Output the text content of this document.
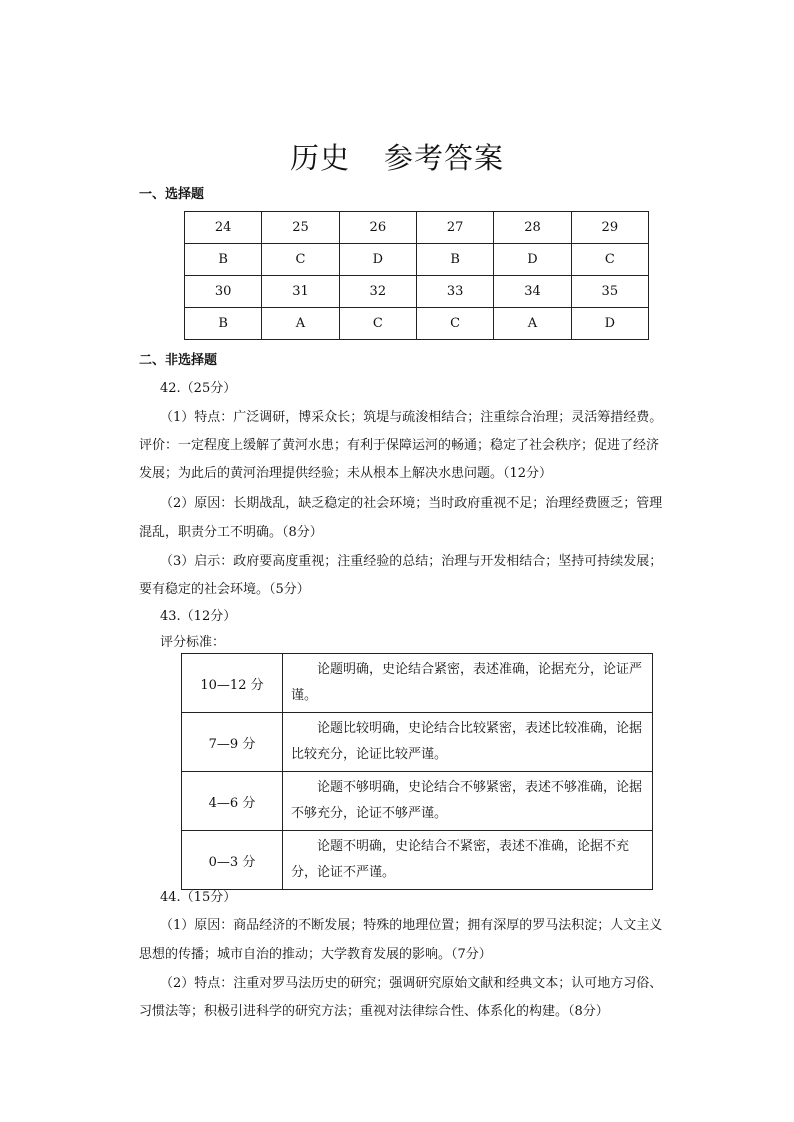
历史 参考答案
一、选择题
24	25	26	27	28	29
B	C	D	B	D	C
30	31	32	33	34	35
B	A	C	C	A	D
二、非选择题
42.（25分）
（1）特点：广泛调研，博采众长；筑堤与疏浚相结合；注重综合治理；灵活筹措经费。
评价：一定程度上缓解了黄河水患；有利于保障运河的畅通；稳定了社会秩序；促进了经济
发展；为此后的黄河治理提供经验；未从根本上解决水患问题。（12分）
（2）原因：长期战乱，缺乏稳定的社会环境；当时政府重视不足；治理经费匮乏；管理
混乱，职责分工不明确。（8分）
（3）启示：政府要高度重视；注重经验的总结；治理与开发相结合；坚持可持续发展；
要有稳定的社会环境。（5分）
43.（12分）
评分标准：
10—12 分	论题明确，史论结合紧密，表述准确，论据充分，论证严谨。
7—9 分	论题比较明确，史论结合比较紧密，表述比较准确，论据比较充分，论证比较严谨。
4—6 分	论题不够明确，史论结合不够紧密，表述不够准确，论据不够充分，论证不够严谨。
0—3 分	论题不明确，史论结合不紧密，表述不准确，论据不充分，论证不严谨。
44.（15分）
（1）原因：商品经济的不断发展；特殊的地理位置；拥有深厚的罗马法积淀；人文主义
思想的传播；城市自治的推动；大学教育发展的影响。（7分）
（2）特点：注重对罗马法历史的研究；强调研究原始文献和经典文本；认可地方习俗、
习惯法等；积极引进科学的研究方法；重视对法律综合性、体系化的构建。（8分）
